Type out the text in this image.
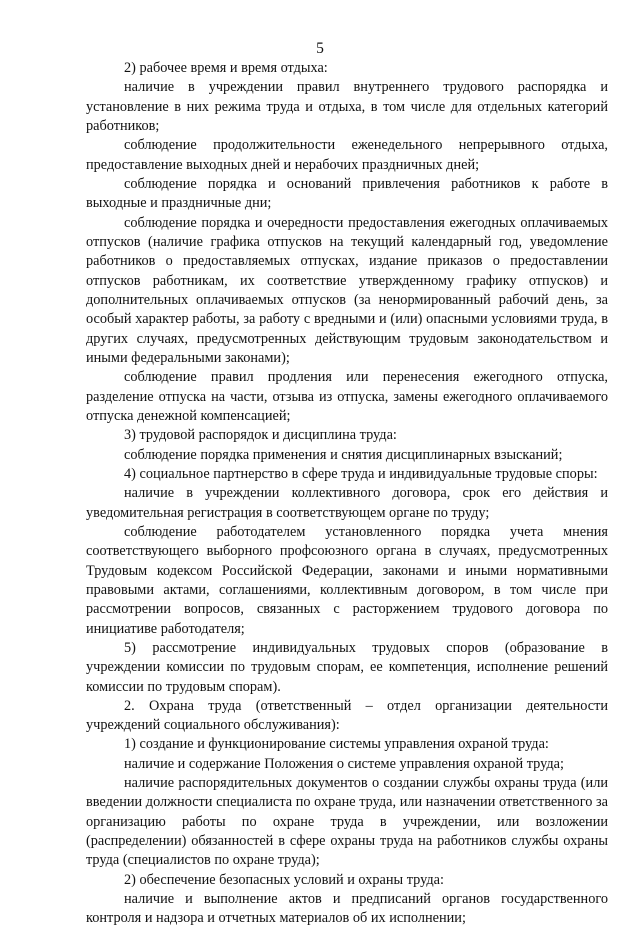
5

2) рабочее время и время отдыха:

наличие в учреждении правил внутреннего трудового распорядка и установление в них режима труда и отдыха, в том числе для отдельных категорий работников;

соблюдение продолжительности еженедельного непрерывного отдыха, предоставление выходных дней и нерабочих праздничных дней;

соблюдение порядка и оснований привлечения работников к работе в выходные и праздничные дни;

соблюдение порядка и очередности предоставления ежегодных оплачиваемых отпусков (наличие графика отпусков на текущий календарный год, уведомление работников о предоставляемых отпусках, издание приказов о предоставлении отпусков работникам, их соответствие утвержденному графику отпусков) и дополнительных оплачиваемых отпусков (за ненормированный рабочий день, за особый характер работы, за работу с вредными и (или) опасными условиями труда, в других случаях, предусмотренных действующим трудовым законодательством и иными федеральными законами);

соблюдение правил продления или перенесения ежегодного отпуска, разделение отпуска на части, отзыва из отпуска, замены ежегодного оплачиваемого отпуска денежной компенсацией;

3) трудовой распорядок и дисциплина труда:

соблюдение порядка применения и снятия дисциплинарных взысканий;

4) социальное партнерство в сфере труда и индивидуальные трудовые споры:

наличие в учреждении коллективного договора, срок его действия и уведомительная регистрация в соответствующем органе по труду;

соблюдение работодателем установленного порядка учета мнения соответствующего выборного профсоюзного органа в случаях, предусмотренных Трудовым кодексом Российской Федерации, законами и иными нормативными правовыми актами, соглашениями, коллективным договором, в том числе при рассмотрении вопросов, связанных с расторжением трудового договора по инициативе работодателя;

5) рассмотрение индивидуальных трудовых споров (образование в учреждении комиссии по трудовым спорам, ее компетенция, исполнение решений комиссии по трудовым спорам).

2. Охрана труда (ответственный – отдел организации деятельности учреждений социального обслуживания):

1) создание и функционирование системы управления охраной труда:

наличие и содержание Положения о системе управления охраной труда;

наличие распорядительных документов о создании службы охраны труда (или введении должности специалиста по охране труда, или назначении ответственного за организацию работы по охране труда в учреждении, или возложении (распределении) обязанностей в сфере охраны труда на работников службы охраны труда (специалистов по охране труда);

2) обеспечение безопасных условий и охраны труда:

наличие и выполнение актов и предписаний органов государственного контроля и надзора и отчетных материалов об их исполнении;
